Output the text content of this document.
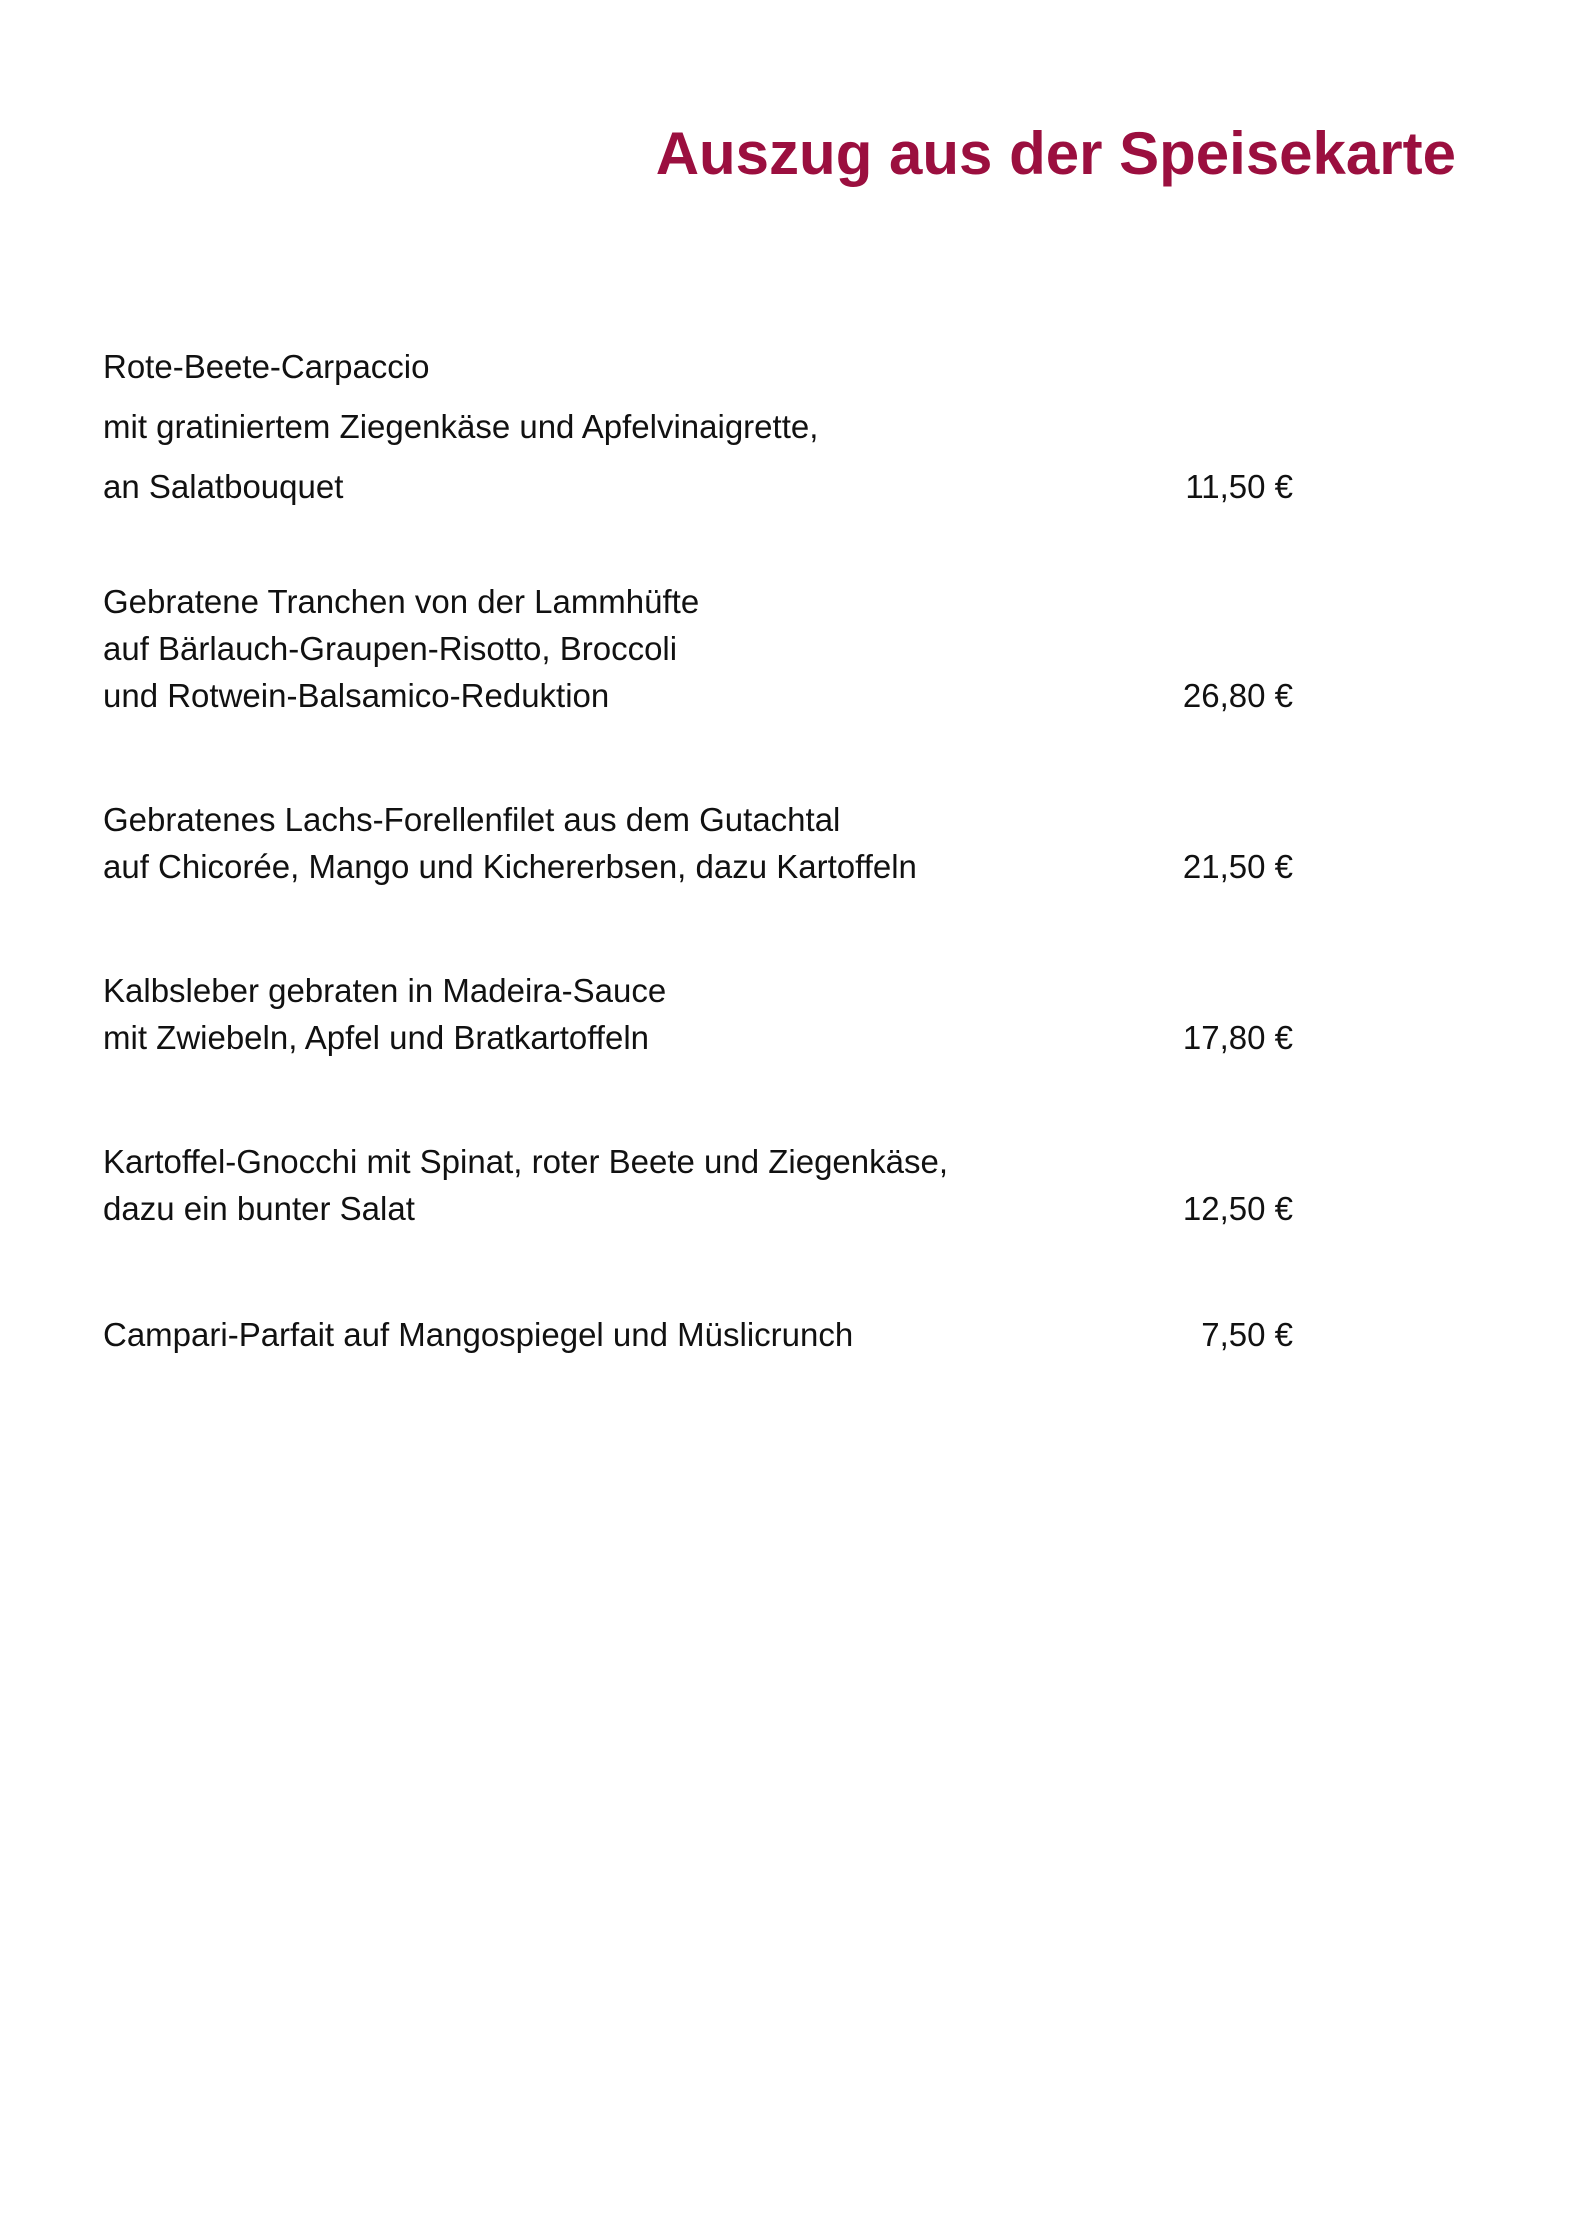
Auszug aus der Speisekarte
Rote-Beete-Carpaccio
mit gratiniertem Ziegenkäse und Apfelvinaigrette,
an Salatbouquet	11,50 €
Gebratene Tranchen von der Lammhüfte
auf Bärlauch-Graupen-Risotto, Broccoli
und Rotwein-Balsamico-Reduktion	26,80 €
Gebratenes Lachs-Forellenfilet aus dem Gutachtal
auf Chicorée, Mango und Kichererbsen, dazu Kartoffeln	21,50 €
Kalbsleber gebraten in Madeira-Sauce
mit Zwiebeln, Apfel und Bratkartoffeln	17,80 €
Kartoffel-Gnocchi mit Spinat, roter Beete und Ziegenkäse,
dazu ein bunter Salat	12,50 €
Campari-Parfait auf Mangospiegel und Müslicrunch	7,50 €
